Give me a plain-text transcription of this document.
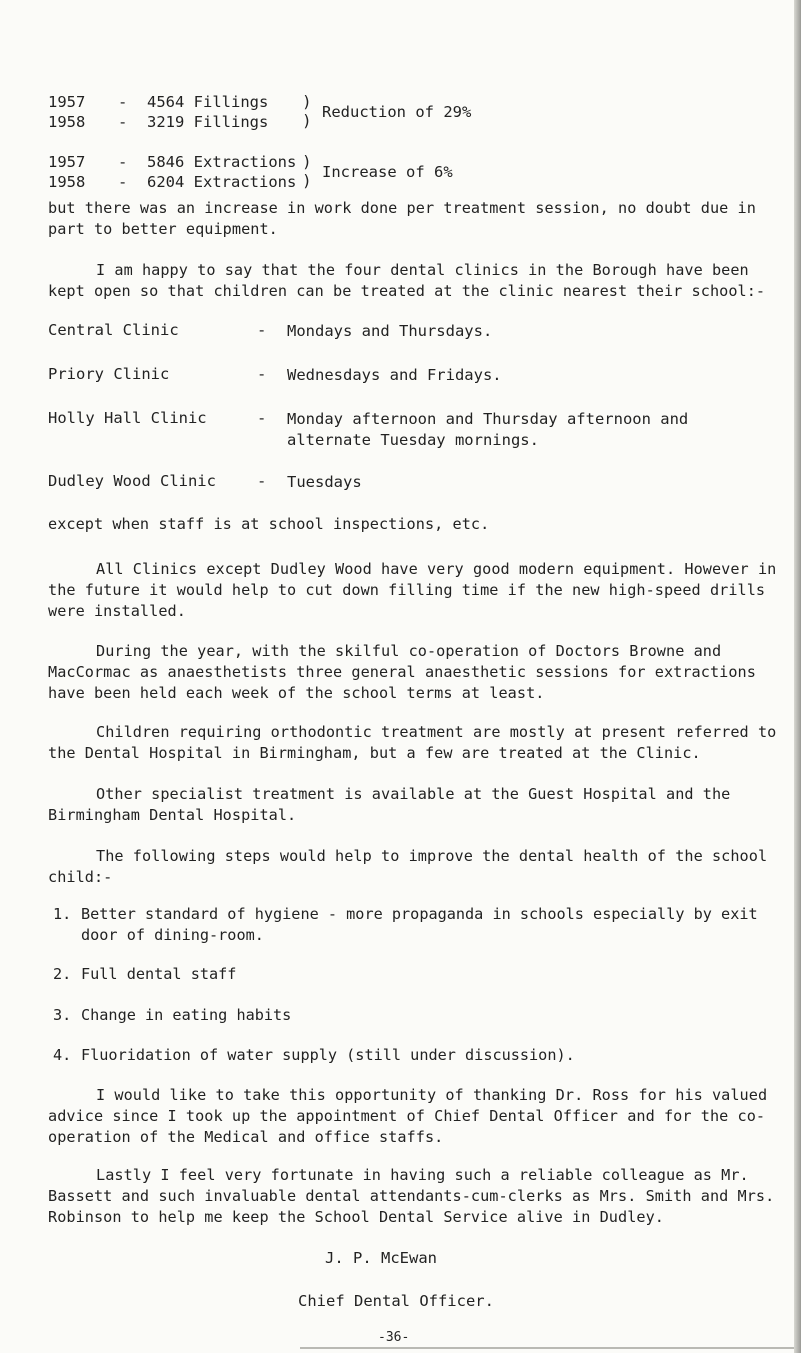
1957 - 4564 Fillings
1958 - 3219 Fillings
)
) Reduction of 29%
1957 - 5846 Extractions
1958 - 6204 Extractions
)
) Increase of 6%

but there was an increase in work done per treatment session, no doubt due in part to better equipment.

I am happy to say that the four dental clinics in the Borough have been kept open so that children can be treated at the clinic nearest their school:-

Central Clinic	- Mondays and Thursdays.
Priory Clinic	- Wednesdays and Fridays.
Holly Hall Clinic	- Monday afternoon and Thursday afternoon and alternate Tuesday mornings.
Dudley Wood Clinic	- Tuesdays

except when staff is at school inspections, etc.

All Clinics except Dudley Wood have very good modern equipment. However in the future it would help to cut down filling time if the new high-speed drills were installed.

During the year, with the skilful co-operation of Doctors Browne and MacCormac as anaesthetists three general anaesthetic sessions for extractions have been held each week of the school terms at least.

Children requiring orthodontic treatment are mostly at present referred to the Dental Hospital in Birmingham, but a few are treated at the Clinic.

Other specialist treatment is available at the Guest Hospital and the Birmingham Dental Hospital.

The following steps would help to improve the dental health of the school child:-

1. Better standard of hygiene - more propaganda in schools especially by exit door of dining-room.
2. Full dental staff
3. Change in eating habits
4. Fluoridation of water supply (still under discussion).

I would like to take this opportunity of thanking Dr. Ross for his valued advice since I took up the appointment of Chief Dental Officer and for the co-operation of the Medical and office staffs.

Lastly I feel very fortunate in having such a reliable colleague as Mr. Bassett and such invaluable dental attendants-cum-clerks as Mrs. Smith and Mrs. Robinson to help me keep the School Dental Service alive in Dudley.

J. P. McEwan
Chief Dental Officer.
-36-
